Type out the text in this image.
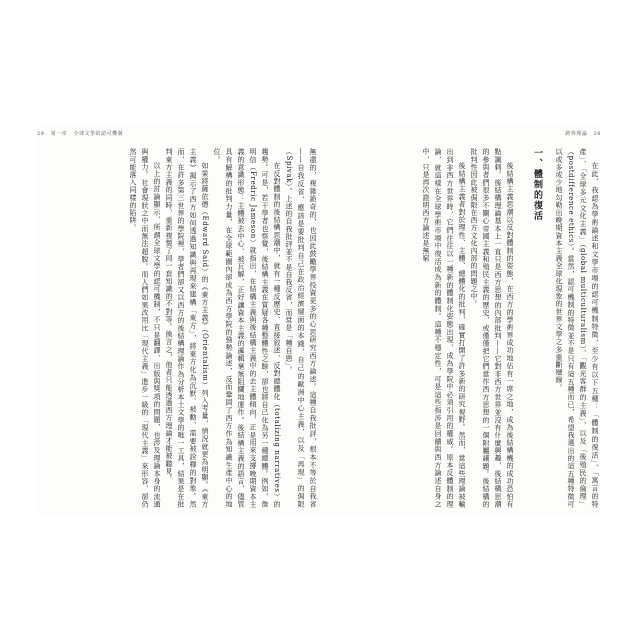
29 第一章 全球文學的認可機制

無盡的，複雜詭奇的，也因此鼓勵學界投資更多的心思研究西方論述。這種自我批評，根本不等於自我省——自我反省，應該是要批判自己在政治經濟層面的本錢，自己的歐洲中心主義，以及「再現」的侷限（Spivak）。上述的自我批評並不是自我反省，而常是「種自戀」。

在反對體制的後結構思潮中，就有一種反歷史、直接敘述、反對總體化（totalizing narratives）的趨勢。可是，若干學者也察覺，後結構主義在質疑各種整體性之餘，卻也將自己化為另一種總體。例如，詹明信（Fredric Jameson）就指出，在結構主義與後結構主義中的去主體傾向，正是用來支撐晚期資本主義的意識形態：主體被去中心、被瓦解，正好讓資本主義的邏輯毫無阻攔地運作。後結構主義的語言，儘管具有解構的批判力量，在全球範圍內卻成為西方學院的強勢論述，反而鞏固了西方作為知識生產中心的地位。

如果將薩依德（Edward Said）的《東方主義》（Orientalism）列入考量，情況就更為明顯。《東方主義》揭示了西方如何透過知識與再現來建構「東方」，將東方化為沉默、被動、需要被詮釋的對象。然而，在許多第三世界的學院裡，學者們卻又以西方的後結構理論作為分析本土文學的唯一工具，結果是在批判東方主義的同時，重新複製了同一套知識的不對等。換言之，他者只能透過西方理論才能被聽見。

以上的討論顯示，所謂全球文學的認可機制，不只是翻譯、出版與獎項的問題，也涉及理論本身的流通與權力。社會現狀之中而無法超脫。而人們如果改用比「現代主義」進步一級的「現代主義」來形容，卻仍然可能落入同樣的陷阱。

跨界理論 28

在此，我認為學術論述和文學市場的認可機制特徵，至少有以下五種：「體制的復活」、「寓言的特產」、「全球多元文化主義」（global multiculturalism）、「觀光客群的主義」，以及「後殖民的倫理」（postdifference ethics）。當然，認可機制的特徵並不是只有這五種而已，希望我選出的這五種特徵可以或多或少地勾勒出晚期資本主義全球化現象的世界文學之多重斷層線。

一、體制的復活

後結構主義思潮以反對體制的姿態，在西方的學術界成功地佔有一席之地，成為後結構機的成功恐怕有點諷刺。後結構理論基本上一直只是西方思想的內部批判——它對非西方世界並沒有什麼興趣，後結構思潮的參與者們很多不關心帝國主義和殖民主義的歷史，或僅僅把它們當作西方思想的一個附屬議題。後結構的批判性因此被侷限在西方文化內部的問題之中。

後結構主義者對於理性、主體、總體化的批判，確實打開了許多新的研究視野。然而，當這些理論被輸出到非西方世界時，它們往往以一種新的體制化姿態出現，成為學院中必須引用的權威。原本反體制的理論，就這樣在全球學術市場中復活成為新的體制。這種不穩定性，可是這些指涉是回饋與西方論述自身之中，只是再次證明西方論述是無窮
